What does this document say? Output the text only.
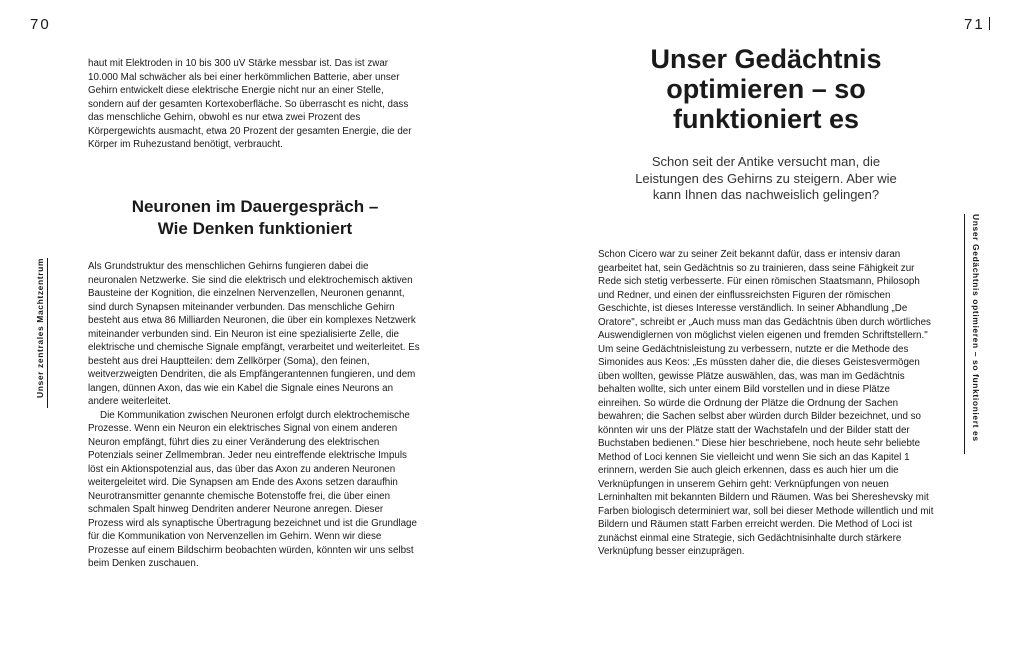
70	71
Unser zentrales Machtzentrum	Unser Gedächtnis optimieren – so funktioniert es

haut mit Elektroden in 10 bis 300 uV Stärke messbar ist. Das ist zwar 10.000 Mal schwächer als bei einer herkömmlichen Batterie, aber unser Gehirn entwickelt diese elektrische Energie nicht nur an einer Stelle, sondern auf der gesamten Kortexoberfläche. So überrascht es nicht, dass das menschliche Gehirn, obwohl es nur etwa zwei Prozent des Körpergewichts ausmacht, etwa 20 Prozent der gesamten Energie, die der Körper im Ruhezustand benötigt, verbraucht.

Neuronen im Dauergespräch –
Wie Denken funktioniert

Als Grundstruktur des menschlichen Gehirns fungieren dabei die neuronalen Netzwerke. Sie sind die elektrisch und elektrochemisch aktiven Bausteine der Kognition, die einzelnen Nervenzellen, Neuronen genannt, sind durch Synapsen miteinander verbunden. Das menschliche Gehirn besteht aus etwa 86 Milliarden Neuronen, die über ein komplexes Netzwerk miteinander verbunden sind. Ein Neuron ist eine spezialisierte Zelle, die elektrische und chemische Signale empfängt, verarbeitet und weiterleitet. Es besteht aus drei Hauptteilen: dem Zellkörper (Soma), den feinen, weitverzweigten Dendriten, die als Empfängerantennen fungieren, und dem langen, dünnen Axon, das wie ein Kabel die Signale eines Neurons an andere weiterleitet.

Die Kommunikation zwischen Neuronen erfolgt durch elektrochemische Prozesse. Wenn ein Neuron ein elektrisches Signal von einem anderen Neuron empfängt, führt dies zu einer Veränderung des elektrischen Potenzials seiner Zellmembran. Jeder neu eintreffende elektrische Impuls löst ein Aktionspotenzial aus, das über das Axon zu anderen Neuronen weitergeleitet wird. Die Synapsen am Ende des Axons setzen daraufhin Neurotransmitter genannte chemische Botenstoffe frei, die über einen schmalen Spalt hinweg Dendriten anderer Neurone anregen. Dieser Prozess wird als synaptische Übertragung bezeichnet und ist die Grundlage für die Kommunikation von Nervenzellen im Gehirn. Wenn wir diese Prozesse auf einem Bildschirm beobachten würden, könnten wir uns selbst beim Denken zuschauen.

Unser Gedächtnis
optimieren – so
funktioniert es
Schon seit der Antike versucht man, die Leistungen des Gehirns zu steigern. Aber wie kann Ihnen das nachweislich gelingen?

Schon Cicero war zu seiner Zeit bekannt dafür, dass er intensiv daran gearbeitet hat, sein Gedächtnis so zu trainieren, dass seine Fähigkeit zur Rede sich stetig verbesserte. Für einen römischen Staatsmann, Philosoph und Redner, und einen der einflussreichsten Figuren der römischen Geschichte, ist dieses Interesse verständlich. In seiner Abhandlung „De Oratore", schreibt er „Auch muss man das Gedächtnis üben durch wörtliches Auswendiglernen von möglichst vielen eigenen und fremden Schriftstellern." Um seine Gedächtnisleistung zu verbessern, nutzte er die Methode des Simonides aus Keos: „Es müssten daher die, die dieses Geistesvermögen üben wollten, gewisse Plätze auswählen, das, was man im Gedächtnis behalten wollte, sich unter einem Bild vorstellen und in diese Plätze einreihen. So würde die Ordnung der Plätze die Ordnung der Sachen bewahren; die Sachen selbst aber würden durch Bilder bezeichnet, und so könnten wir uns der Plätze statt der Wachstafeln und der Bilder statt der Buchstaben bedienen." Diese hier beschriebene, noch heute sehr beliebte Method of Loci kennen Sie vielleicht und wenn Sie sich an das Kapitel 1 erinnern, werden Sie auch gleich erkennen, dass es auch hier um die Verknüpfungen in unserem Gehirn geht: Verknüpfungen von neuen Lerninhalten mit bekannten Bildern und Räumen. Was bei Shereshevsky mit Farben biologisch determiniert war, soll bei dieser Methode willentlich und mit Bildern und Räumen statt Farben erreicht werden. Die Method of Loci ist zunächst einmal eine Strategie, sich Gedächtnisinhalte durch stärkere Verknüpfung besser einzuprägen.
